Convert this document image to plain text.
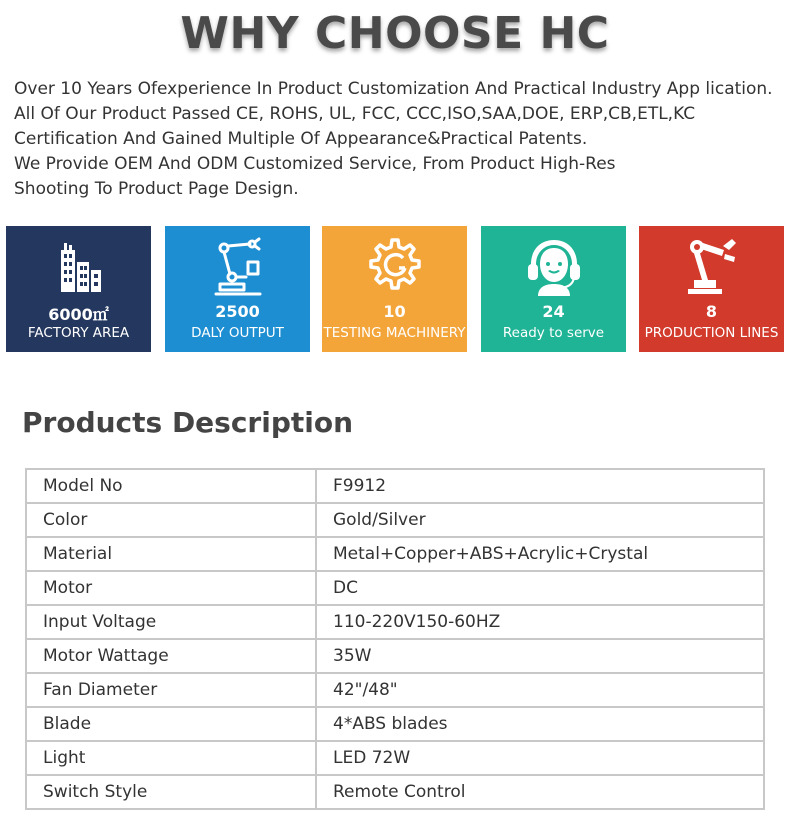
WHY CHOOSE HC

Over 10 Years Ofexperience In Product Customization And Practical Industry App lication.

All Of Our Product Passed CE, ROHS, UL, FCC, CCC,ISO,SAA,DOE, ERP,CB,ETL,KC

Certification And Gained Multiple Of Appearance&Practical Patents.

We Provide OEM And ODM Customized Service, From Product High-Res

Shooting To Product Page Design.

6000㎡
FACTORY AREA
2500
DALY OUTPUT
10
TESTING MACHINERY
24
Ready to serve
8
PRODUCTION LINES
Products Description
Model No	F9912
Color	Gold/Silver
Material	Metal+Copper+ABS+Acrylic+Crystal
Motor	DC
Input Voltage	110-220V150-60HZ
Motor Wattage	35W
Fan Diameter	42"/48"
Blade	4*ABS blades
Light	LED 72W
Switch Style	Remote Control
